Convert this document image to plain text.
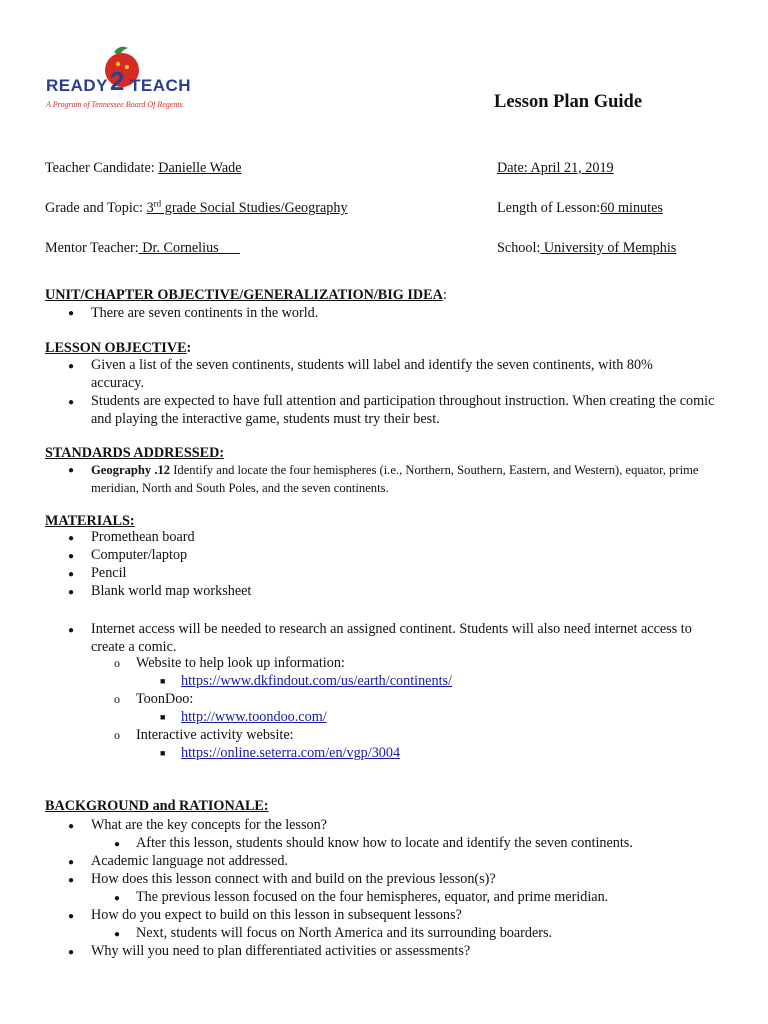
READY 2 TEACH
A Program of Tennessee Board Of Regents	Lesson Plan Guide
Teacher Candidate: Danielle Wade	Date: April 21, 2019
Grade and Topic: 3rd grade Social Studies/Geography	Length of Lesson:60 minutes
Mentor Teacher: Dr. Cornelius	School: University of Memphis
UNIT/CHAPTER OBJECTIVE/GENERALIZATION/BIG IDEA:
● There are seven continents in the world.
LESSON OBJECTIVE:
● Given a list of the seven continents, students will label and identify the seven continents, with 80% accuracy.
● Students are expected to have full attention and participation throughout instruction. When creating the comic and playing the interactive game, students must try their best.
STANDARDS ADDRESSED:
● Geography .12 Identify and locate the four hemispheres (i.e., Northern, Southern, Eastern, and Western), equator, prime meridian, North and South Poles, and the seven continents.
MATERIALS:
● Promethean board
● Computer/laptop
● Pencil
● Blank world map worksheet
● Internet access will be needed to research an assigned continent. Students will also need internet access to create a comic.
o Website to help look up information:
■ https://www.dkfindout.com/us/earth/continents/
o ToonDoo:
■ http://www.toondoo.com/
o Interactive activity website:
■ https://online.seterra.com/en/vgp/3004
BACKGROUND and RATIONALE:
● What are the key concepts for the lesson?
● After this lesson, students should know how to locate and identify the seven continents.
● Academic language not addressed.
● How does this lesson connect with and build on the previous lesson(s)?
● The previous lesson focused on the four hemispheres, equator, and prime meridian.
● How do you expect to build on this lesson in subsequent lessons?
● Next, students will focus on North America and its surrounding boarders.
● Why will you need to plan differentiated activities or assessments?
